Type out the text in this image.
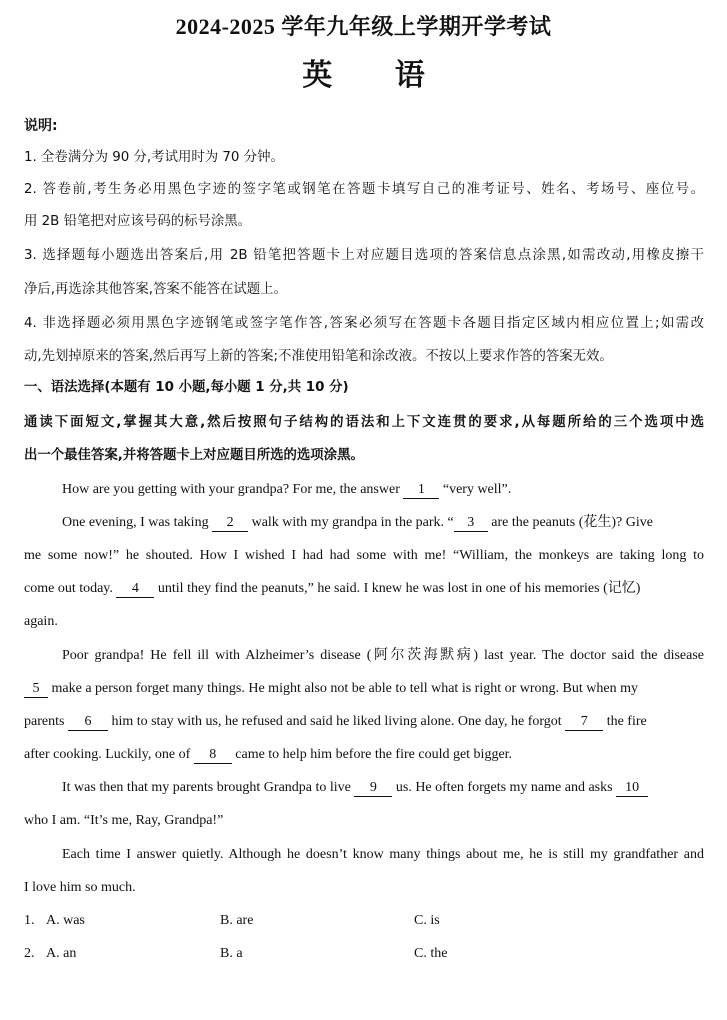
2024-2025 学年九年级上学期开学考试
英 语
说明:
1. 全卷满分为 90 分,考试用时为 70 分钟。
2. 答卷前,考生务必用黑色字迹的签字笔或钢笔在答题卡填写自己的准考证号、姓名、考场号、座位号。
用 2B 铅笔把对应该号码的标号涂黑。
3. 选择题每小题选出答案后,用 2B 铅笔把答题卡上对应题目选项的答案信息点涂黑,如需改动,用橡皮擦干
净后,再选涂其他答案,答案不能答在试题上。
4. 非选择题必须用黑色字迹钢笔或签字笔作答,答案必须写在答题卡各题目指定区域内相应位置上;如需改
动,先划掉原来的答案,然后再写上新的答案;不准使用铅笔和涂改液。不按以上要求作答的答案无效。
一、语法选择(本题有 10 小题,每小题 1 分,共 10 分)
通读下面短文,掌握其大意,然后按照句子结构的语法和上下文连贯的要求,从每题所给的三个选项中选
出一个最佳答案,并将答题卡上对应题目所选的选项涂黑。
How are you getting with your grandpa? For me, the answer 1 “very well”.
One evening, I was taking 2 walk with my grandpa in the park. “ 3 are the peanuts (花生)? Give
me some now!” he shouted. How I wished I had had some with me! “William, the monkeys are taking long to
come out today. 4 until they find the peanuts,” he said. I knew he was lost in one of his memories (记忆)
again.
Poor grandpa! He fell ill with Alzheimer’s disease (阿尔茨海默病) last year. The doctor said the disease
5 make a person forget many things. He might also not be able to tell what is right or wrong. But when my
parents 6 him to stay with us, he refused and said he liked living alone. One day, he forgot 7 the fire
after cooking. Luckily, one of 8 came to help him before the fire could get bigger.
It was then that my parents brought Grandpa to live 9 us. He often forgets my name and asks 10
who I am. “It’s me, Ray, Grandpa!”
Each time I answer quietly. Although he doesn’t know many things about me, he is still my grandfather and
I love him so much.
1. A. was	B. are	C. is
2. A. an	B. a	C. the
